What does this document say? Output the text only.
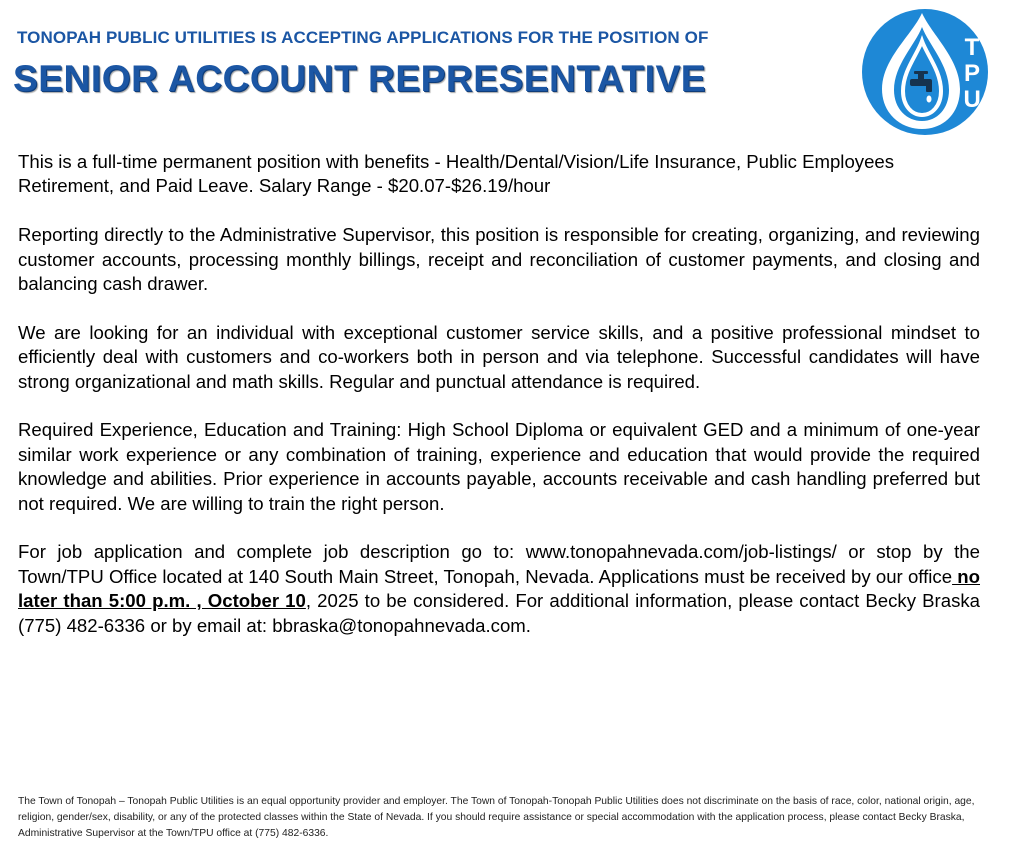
TONOPAH PUBLIC UTILITIES IS ACCEPTING APPLICATIONS FOR THE POSITION OF
SENIOR ACCOUNT REPRESENTATIVE
TPU

This is a full-time permanent position with benefits - Health/Dental/Vision/Life Insurance, Public Employees Retirement, and Paid Leave. Salary Range - $20.07-$26.19/hour

Reporting directly to the Administrative Supervisor, this position is responsible for creating, organizing, and reviewing customer accounts, processing monthly billings, receipt and reconciliation of customer payments, and closing and balancing cash drawer.

We are looking for an individual with exceptional customer service skills, and a positive professional mindset to efficiently deal with customers and co-workers both in person and via telephone. Successful candidates will have strong organizational and math skills. Regular and punctual attendance is required.

Required Experience, Education and Training: High School Diploma or equivalent GED and a minimum of one-year similar work experience or any combination of training, experience and education that would provide the required knowledge and abilities. Prior experience in accounts payable, accounts receivable and cash handling preferred but not required. We are willing to train the right person.

For job application and complete job description go to: www.tonopahnevada.com/job-listings/ or stop by the Town/TPU Office located at 140 South Main Street, Tonopah, Nevada. Applications must be received by our office no later than 5:00 p.m. , October 10, 2025 to be considered. For additional information, please contact Becky Braska (775) 482-6336 or by email at: bbraska@tonopahnevada.com.

The Town of Tonopah – Tonopah Public Utilities is an equal opportunity provider and employer. The Town of Tonopah-Tonopah Public Utilities does not discriminate on the basis of race, color, national origin, age, religion, gender/sex, disability, or any of the protected classes within the State of Nevada. If you should require assistance or special accommodation with the application process, please contact Becky Braska, Administrative Supervisor at the Town/TPU office at (775) 482-6336.
